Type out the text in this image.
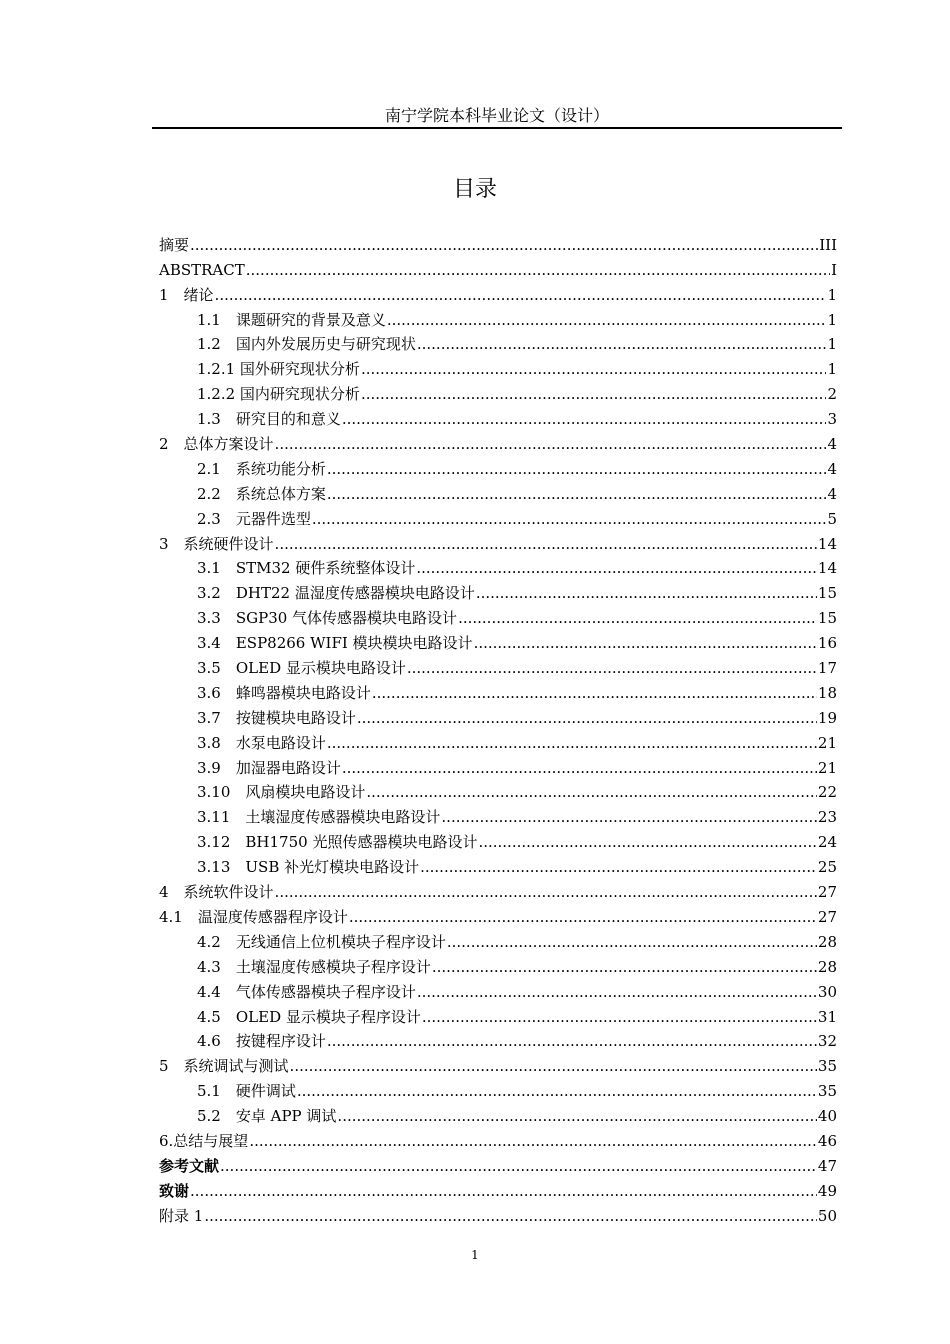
南宁学院本科毕业论文（设计）
目录
摘要 .....	III
ABSTRACT .....	I
1　绪论 .....	1
1.1　课题研究的背景及意义 .....	1
1.2　国内外发展历史与研究现状 .....	1
1.2.1 国外研究现状分析 .....	1
1.2.2 国内研究现状分析 .....	2
1.3　研究目的和意义 .....	3
2　总体方案设计 .....	4
2.1　系统功能分析 .....	4
2.2　系统总体方案 .....	4
2.3　元器件选型 .....	5
3　系统硬件设计 .....	14
3.1　STM32 硬件系统整体设计 .....	14
3.2　DHT22 温湿度传感器模块电路设计 .....	15
3.3　SGP30 气体传感器模块电路设计 .....	15
3.4　ESP8266 WIFI 模块模块电路设计 .....	16
3.5　OLED 显示模块电路设计 .....	17
3.6　蜂鸣器模块电路设计 .....	18
3.7　按键模块电路设计 .....	19
3.8　水泵电路设计 .....	21
3.9　加湿器电路设计 .....	21
3.10　风扇模块电路设计 .....	22
3.11　土壤湿度传感器模块电路设计 .....	23
3.12　BH1750 光照传感器模块电路设计 .....	24
3.13　USB 补光灯模块电路设计 .....	25
4　系统软件设计 .....	27
4.1　温湿度传感器程序设计 .....	27
4.2　无线通信上位机模块子程序设计 .....	28
4.3　土壤湿度传感模块子程序设计 .....	28
4.4　气体传感器模块子程序设计 .....	30
4.5　OLED 显示模块子程序设计 .....	31
4.6　按键程序设计 .....	32
5　系统调试与测试 .....	35
5.1　硬件调试 .....	35
5.2　安卓 APP 调试 .....	40
6.总结与展望 .....	46
参考文献 .....	47
致谢 .....	49
附录 1 .....	50
1
